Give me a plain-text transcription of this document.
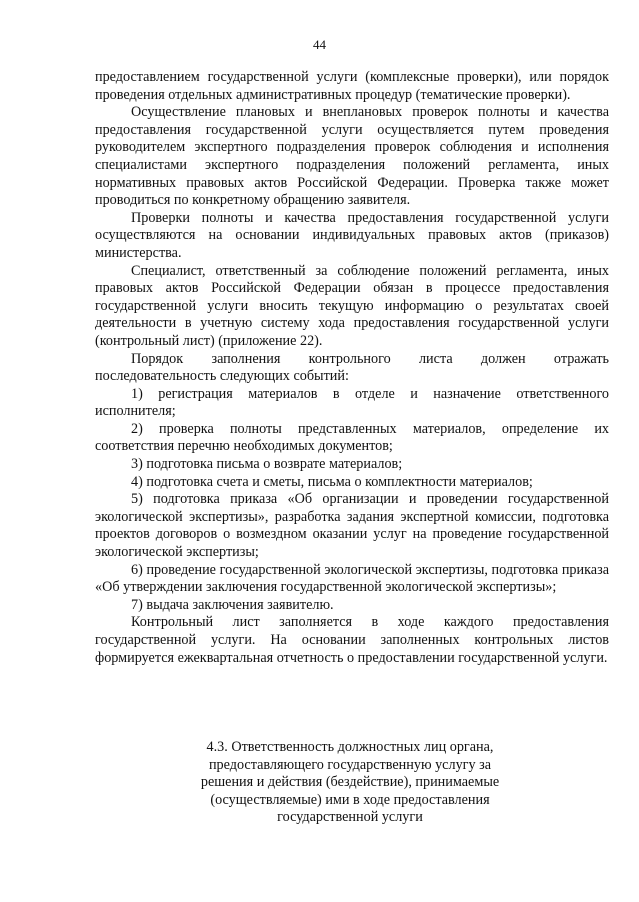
44

предоставлением государственной услуги (комплексные проверки), или порядок проведения отдельных административных процедур (тематические проверки).

Осуществление плановых и внеплановых проверок полноты и качества предоставления государственной услуги осуществляется путем проведения руководителем экспертного подразделения проверок соблюдения и исполнения специалистами экспертного подразделения положений регламента, иных нормативных правовых актов Российской Федерации. Проверка также может проводиться по конкретному обращению заявителя.

Проверки полноты и качества предоставления государственной услуги осуществляются на основании индивидуальных правовых актов (приказов) министерства.

Специалист, ответственный за соблюдение положений регламента, иных правовых актов Российской Федерации обязан в процессе предоставления государственной услуги вносить текущую информацию о результатах своей деятельности в учетную систему хода предоставления государственной услуги (контрольный лист) (приложение 22).

Порядок заполнения контрольного листа должен отражать последовательность следующих событий:

1) регистрация материалов в отделе и назначение ответственного исполнителя;

2) проверка полноты представленных материалов, определение их соответствия перечню необходимых документов;

3) подготовка письма о возврате материалов;

4) подготовка счета и сметы, письма о комплектности материалов;

5) подготовка приказа «Об организации и проведении государственной экологической экспертизы», разработка задания экспертной комиссии, подготовка проектов договоров о возмездном оказании услуг на проведение государственной экологической экспертизы;

6) проведение государственной экологической экспертизы, подготовка приказа «Об утверждении заключения государственной экологической экспертизы»;

7) выдача заключения заявителю.

Контрольный лист заполняется в ходе каждого предоставления государственной услуги. На основании заполненных контрольных листов формируется ежеквартальная отчетность о предоставлении государственной услуги.

4.3. Ответственность должностных лиц органа,
предоставляющего государственную услугу за
решения и действия (бездействие), принимаемые
(осуществляемые) ими в ходе предоставления
государственной услуги
